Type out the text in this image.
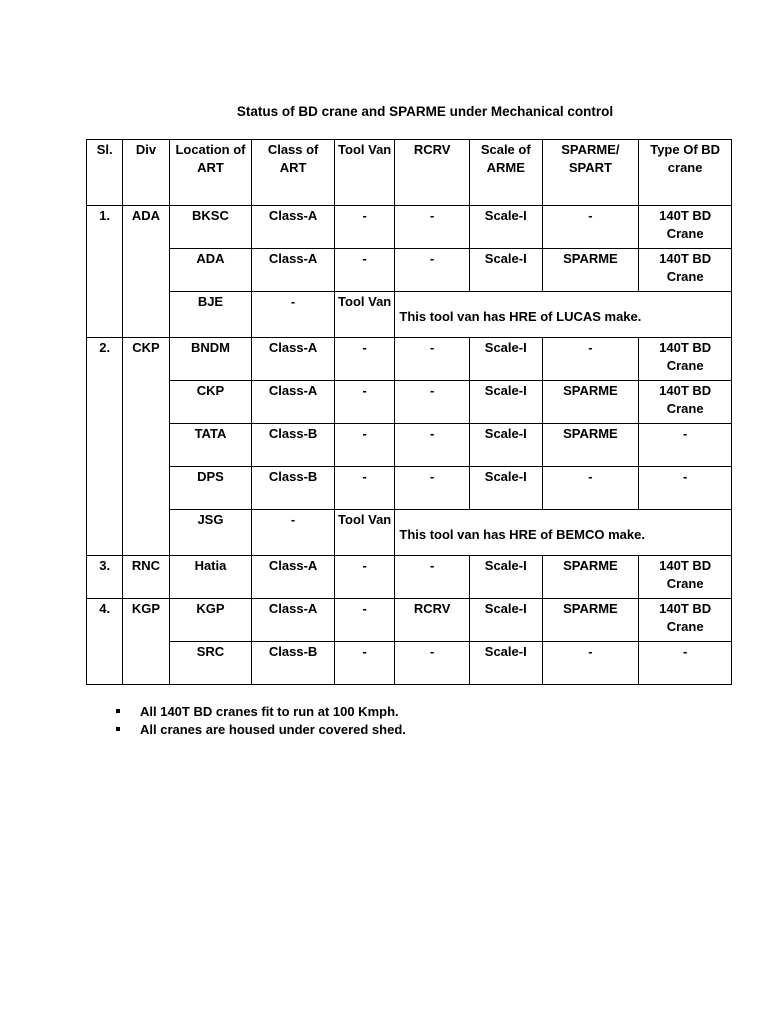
Status of BD crane and SPARME under Mechanical control
Sl.	Div	Location of ART	Class of ART	Tool Van	RCRV	Scale of ARME	SPARME/ SPART	Type Of BD crane
1.	ADA	BKSC	Class-A	-	-	Scale-I	-	140T BD Crane
		ADA	Class-A	-	-	Scale-I	SPARME	140T BD Crane
		BJE	-	Tool Van	This tool van has HRE of LUCAS make.			
2.	CKP	BNDM	Class-A	-	-	Scale-I	-	140T BD Crane
		CKP	Class-A	-	-	Scale-I	SPARME	140T BD Crane
		TATA	Class-B	-	-	Scale-I	SPARME	-
		DPS	Class-B	-	-	Scale-I	-	-
		JSG	-	Tool Van	This tool van has HRE of BEMCO make.			
3.	RNC	Hatia	Class-A	-	-	Scale-I	SPARME	140T BD Crane
4.	KGP	KGP	Class-A	-	RCRV	Scale-I	SPARME	140T BD Crane
		SRC	Class-B	-	-	Scale-I	-	-
All 140T BD cranes fit to run at 100 Kmph.
All cranes are housed under covered shed.
